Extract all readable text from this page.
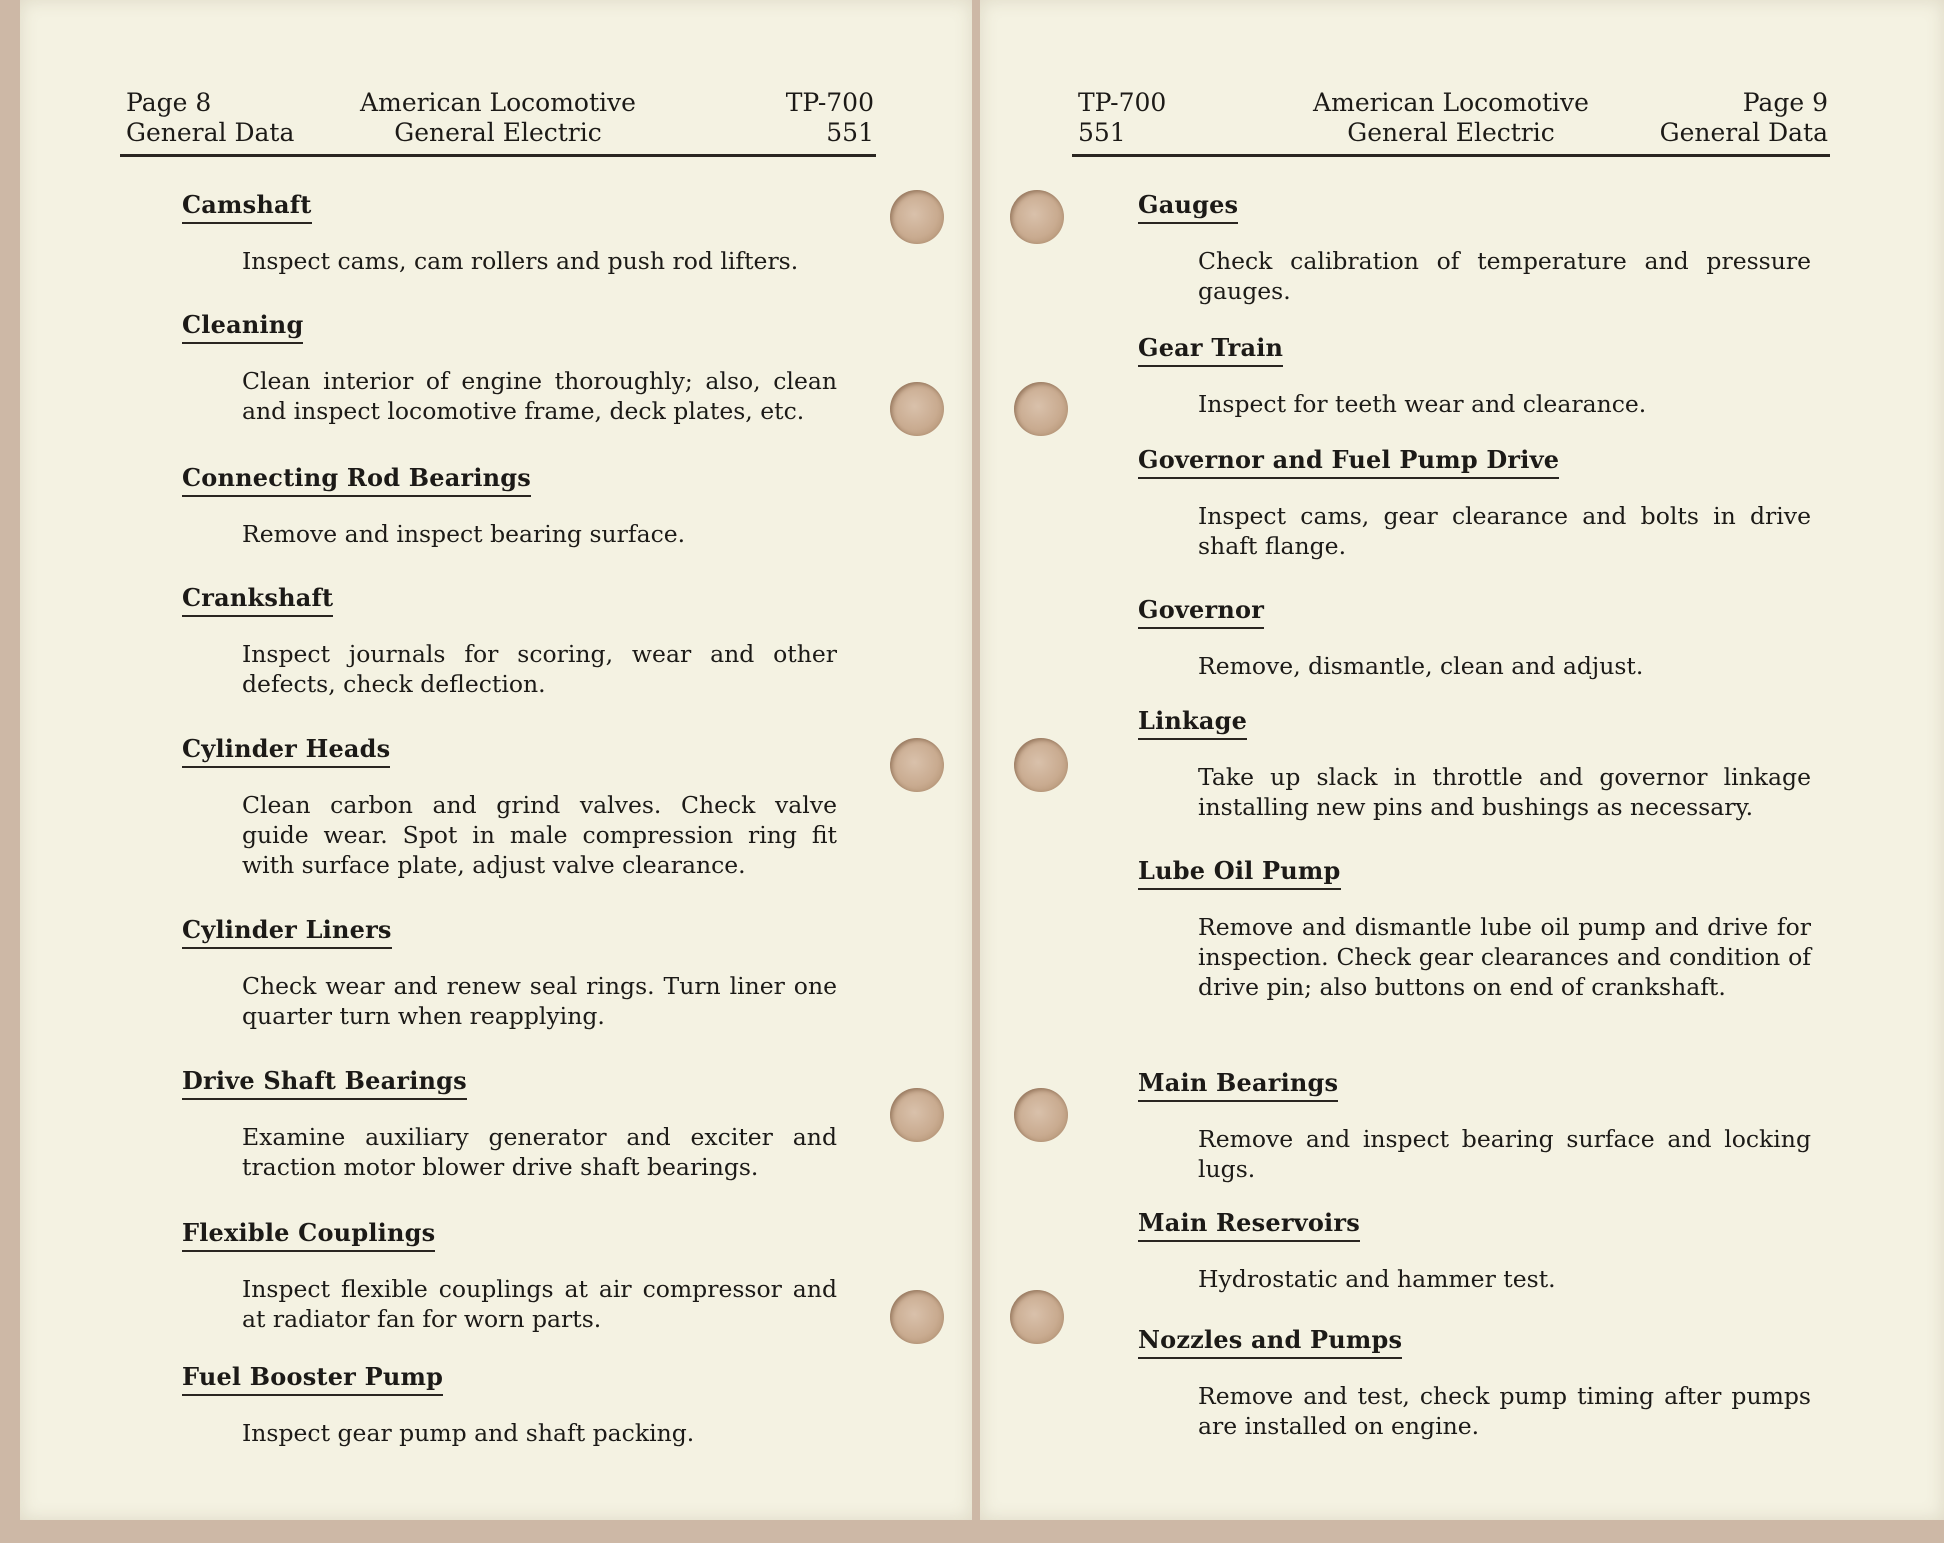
Page 8
General Data
American Locomotive
General Electric
TP-700
551
Camshaft
Inspect cams, cam rollers and push rod lifters.
Cleaning
Clean interior of engine thoroughly; also, clean and inspect locomotive frame, deck plates, etc.
Connecting Rod Bearings
Remove and inspect bearing surface.
Crankshaft
Inspect journals for scoring, wear and other defects, check deflection.
Cylinder Heads
Clean carbon and grind valves. Check valve guide wear. Spot in male compression ring fit with surface plate, adjust valve clearance.
Cylinder Liners
Check wear and renew seal rings. Turn liner one quarter turn when reapplying.
Drive Shaft Bearings
Examine auxiliary generator and exciter and traction motor blower drive shaft bearings.
Flexible Couplings
Inspect flexible couplings at air compressor and at radiator fan for worn parts.
Fuel Booster Pump
Inspect gear pump and shaft packing.
TP-700
551
American Locomotive
General Electric
Page 9
General Data
Gauges
Check calibration of temperature and pressure gauges.
Gear Train
Inspect for teeth wear and clearance.
Governor and Fuel Pump Drive
Inspect cams, gear clearance and bolts in drive shaft flange.
Governor
Remove, dismantle, clean and adjust.
Linkage
Take up slack in throttle and governor linkage installing new pins and bushings as necessary.
Lube Oil Pump
Remove and dismantle lube oil pump and drive for inspection. Check gear clearances and condition of drive pin; also buttons on end of crankshaft.
Main Bearings
Remove and inspect bearing surface and locking lugs.
Main Reservoirs
Hydrostatic and hammer test.
Nozzles and Pumps
Remove and test, check pump timing after pumps are installed on engine.
